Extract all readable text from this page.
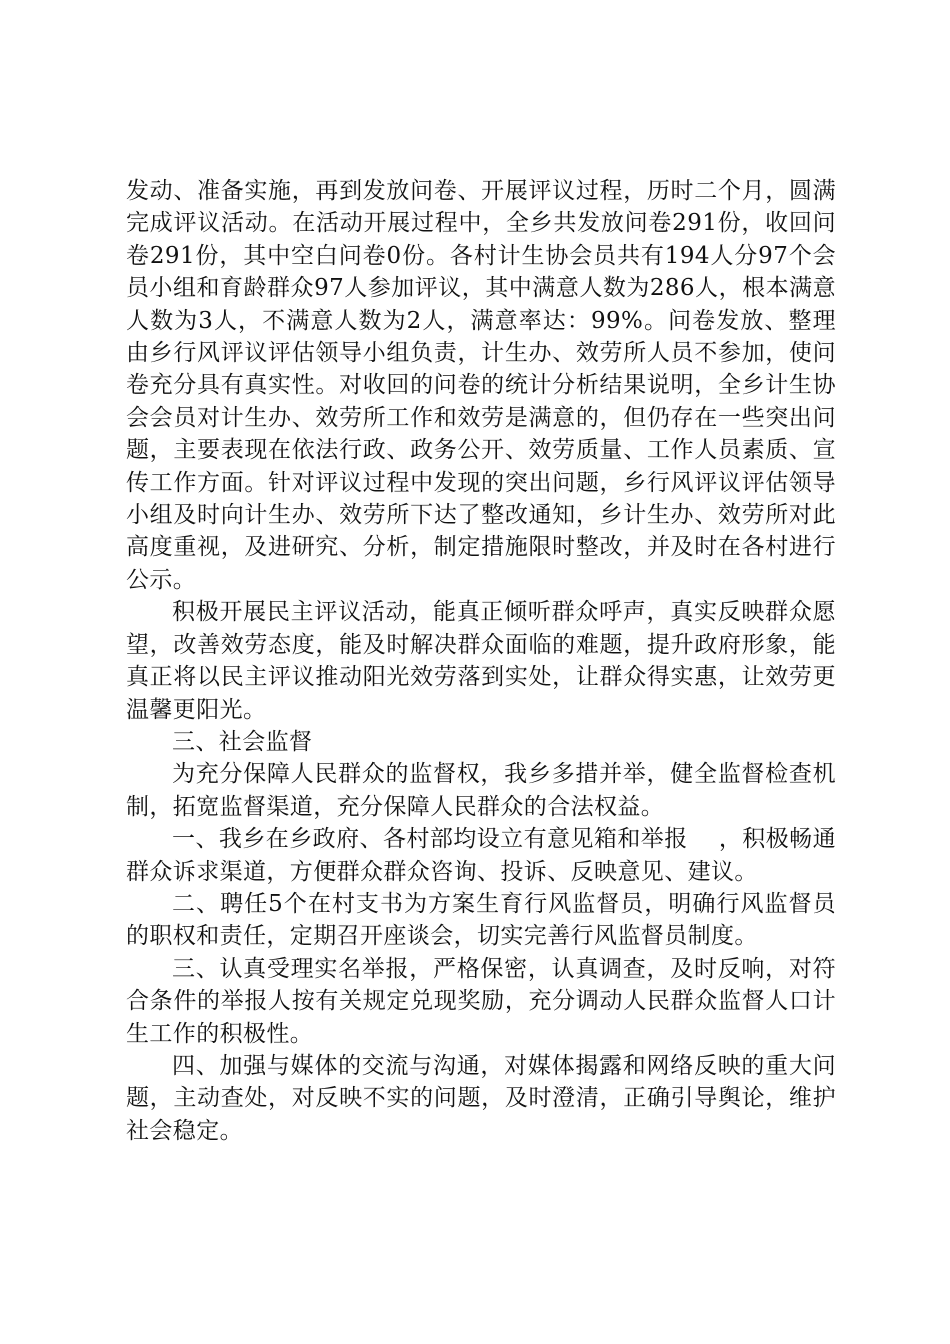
发动、准备实施，再到发放问卷、开展评议过程，历时二个月，圆满完成评议活动。在活动开展过程中，全乡共发放问卷291份，收回问卷291份，其中空白问卷0份。各村计生协会员共有194人分97个会员小组和育龄群众97人参加评议，其中满意人数为286人，根本满意人数为3人，不满意人数为2人，满意率达：99%。问卷发放、整理由乡行风评议评估领导小组负责，计生办、效劳所人员不参加，使问卷充分具有真实性。对收回的问卷的统计分析结果说明，全乡计生协会会员对计生办、效劳所工作和效劳是满意的，但仍存在一些突出问题，主要表现在依法行政、政务公开、效劳质量、工作人员素质、宣传工作方面。针对评议过程中发现的突出问题，乡行风评议评估领导小组及时向计生办、效劳所下达了整改通知，乡计生办、效劳所对此高度重视，及进研究、分析，制定措施限时整改，并及时在各村进行公示。

积极开展民主评议活动，能真正倾听群众呼声，真实反映群众愿望，改善效劳态度，能及时解决群众面临的难题，提升政府形象，能真正将以民主评议推动阳光效劳落到实处，让群众得实惠，让效劳更温馨更阳光。

三、社会监督

为充分保障人民群众的监督权，我乡多措并举，健全监督检查机制，拓宽监督渠道，充分保障人民群众的合法权益。

一、我乡在乡政府、各村部均设立有意见箱和举报　 ，积极畅通群众诉求渠道，方便群众群众咨询、投诉、反映意见、建议。

二、聘任5个在村支书为方案生育行风监督员，明确行风监督员的职权和责任，定期召开座谈会，切实完善行风监督员制度。

三、认真受理实名举报，严格保密，认真调查，及时反响，对符合条件的举报人按有关规定兑现奖励，充分调动人民群众监督人口计生工作的积极性。

四、加强与媒体的交流与沟通，对媒体揭露和网络反映的重大问题，主动查处，对反映不实的问题，及时澄清，正确引导舆论，维护社会稳定。
